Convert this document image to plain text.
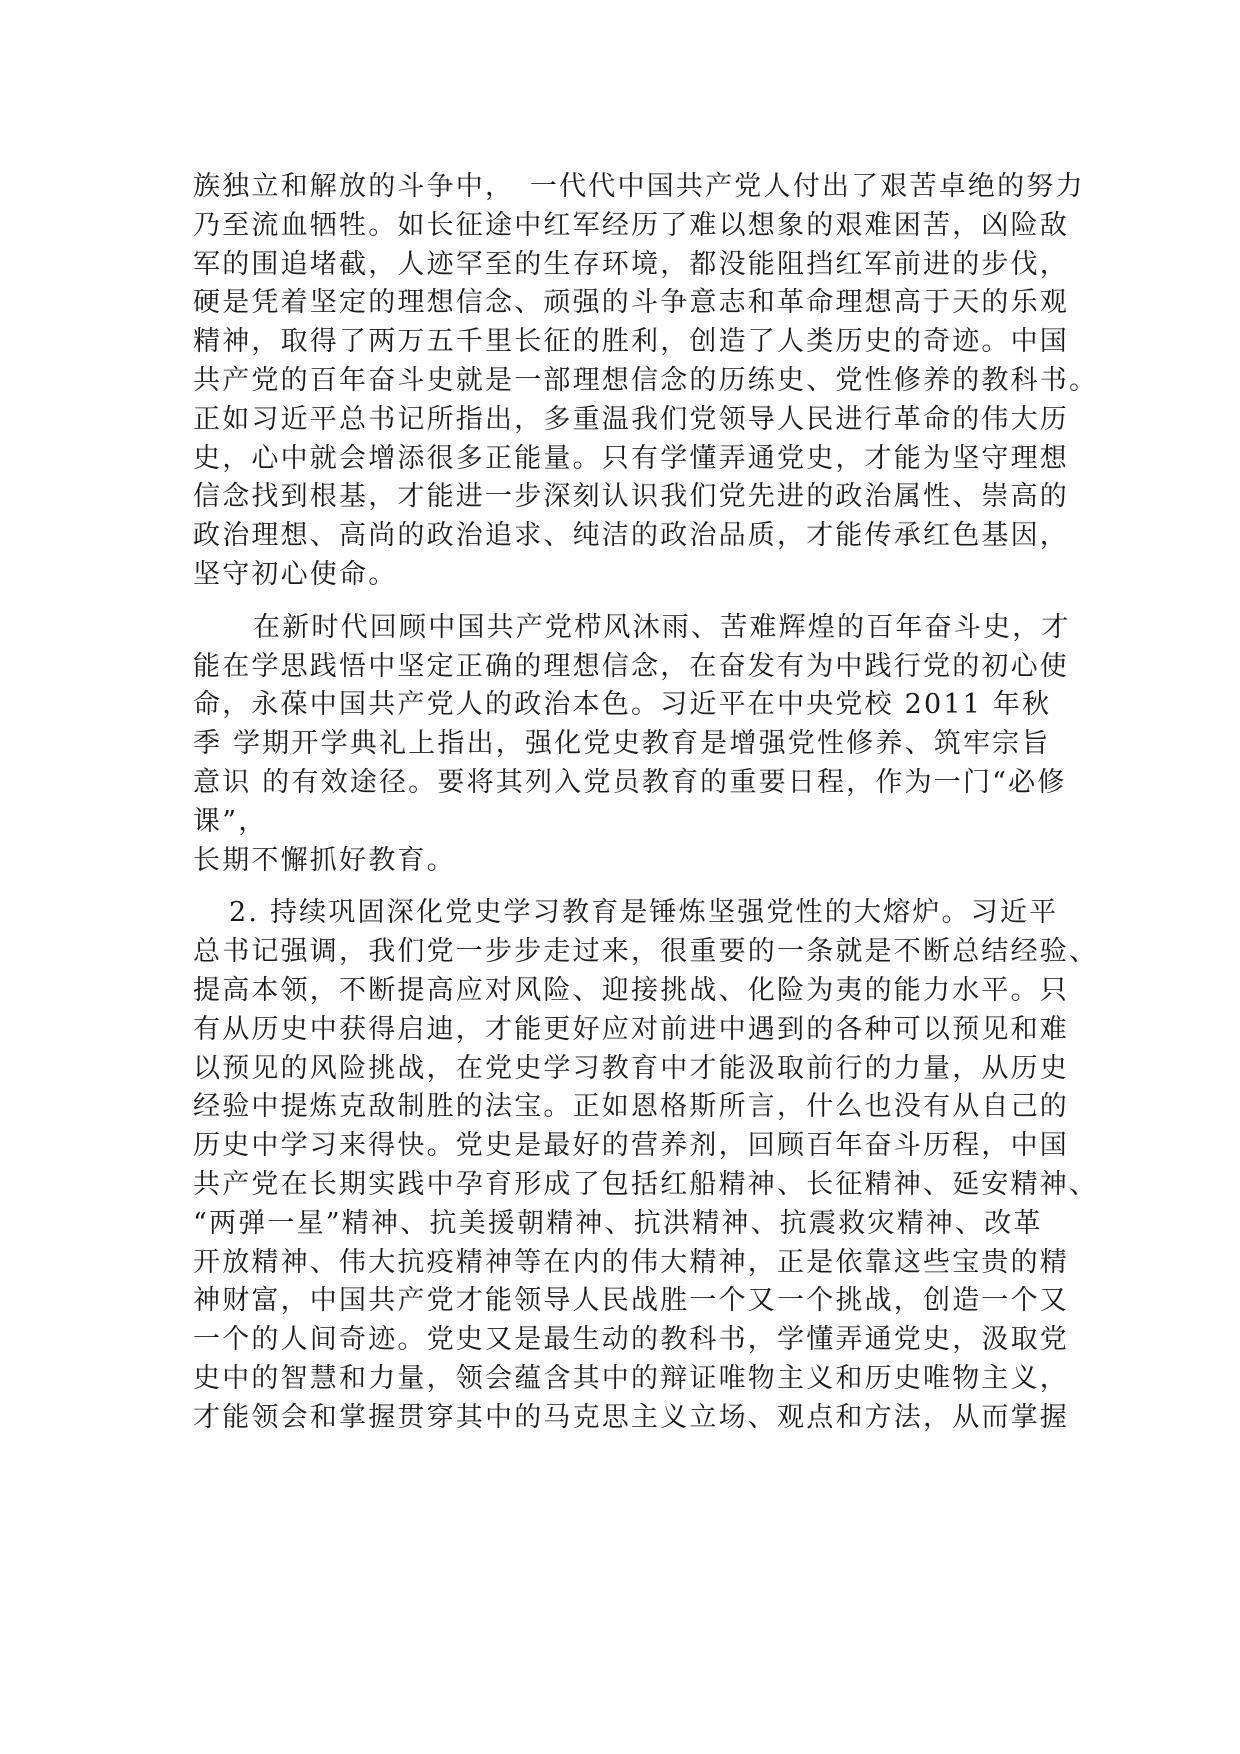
族独立和解放的斗争中，　一代代中国共产党人付出了艰苦卓绝的努力
乃至流血牺牲。如长征途中红军经历了难以想象的艰难困苦，凶险敌
军的围追堵截，人迹罕至的生存环境，都没能阻挡红军前进的步伐，
硬是凭着坚定的理想信念、顽强的斗争意志和革命理想高于天的乐观
精神，取得了两万五千里长征的胜利，创造了人类历史的奇迹。中国
共产党的百年奋斗史就是一部理想信念的历练史、党性修养的教科书。
正如习近平总书记所指出，多重温我们党领导人民进行革命的伟大历
史，心中就会增添很多正能量。只有学懂弄通党史，才能为坚守理想
信念找到根基，才能进一步深刻认识我们党先进的政治属性、崇高的
政治理想、高尚的政治追求、纯洁的政治品质，才能传承红色基因，
坚守初心使命。
在新时代回顾中国共产党栉风沐雨、苦难辉煌的百年奋斗史，才
能在学思践悟中坚定正确的理想信念，在奋发有为中践行党的初心使
命，永葆中国共产党人的政治本色。习近平在中央党校 2011 年秋
季 学期开学典礼上指出，强化党史教育是增强党性修养、筑牢宗旨
意识 的有效途径。要将其列入党员教育的重要日程，作为一门“必修
课”，
长期不懈抓好教育。
2. 持续巩固深化党史学习教育是锤炼坚强党性的大熔炉。习近平
总书记强调，我们党一步步走过来，很重要的一条就是不断总结经验、
提高本领，不断提高应对风险、迎接挑战、化险为夷的能力水平。只
有从历史中获得启迪，才能更好应对前进中遇到的各种可以预见和难
以预见的风险挑战，在党史学习教育中才能汲取前行的力量，从历史
经验中提炼克敌制胜的法宝。正如恩格斯所言，什么也没有从自己的
历史中学习来得快。党史是最好的营养剂，回顾百年奋斗历程，中国
共产党在长期实践中孕育形成了包括红船精神、长征精神、延安精神、
“两弹一星”精神、抗美援朝精神、抗洪精神、抗震救灾精神、改革
开放精神、伟大抗疫精神等在内的伟大精神，正是依靠这些宝贵的精
神财富，中国共产党才能领导人民战胜一个又一个挑战，创造一个又
一个的人间奇迹。党史又是最生动的教科书，学懂弄通党史，汲取党
史中的智慧和力量，领会蕴含其中的辩证唯物主义和历史唯物主义，
才能领会和掌握贯穿其中的马克思主义立场、观点和方法，从而掌握
